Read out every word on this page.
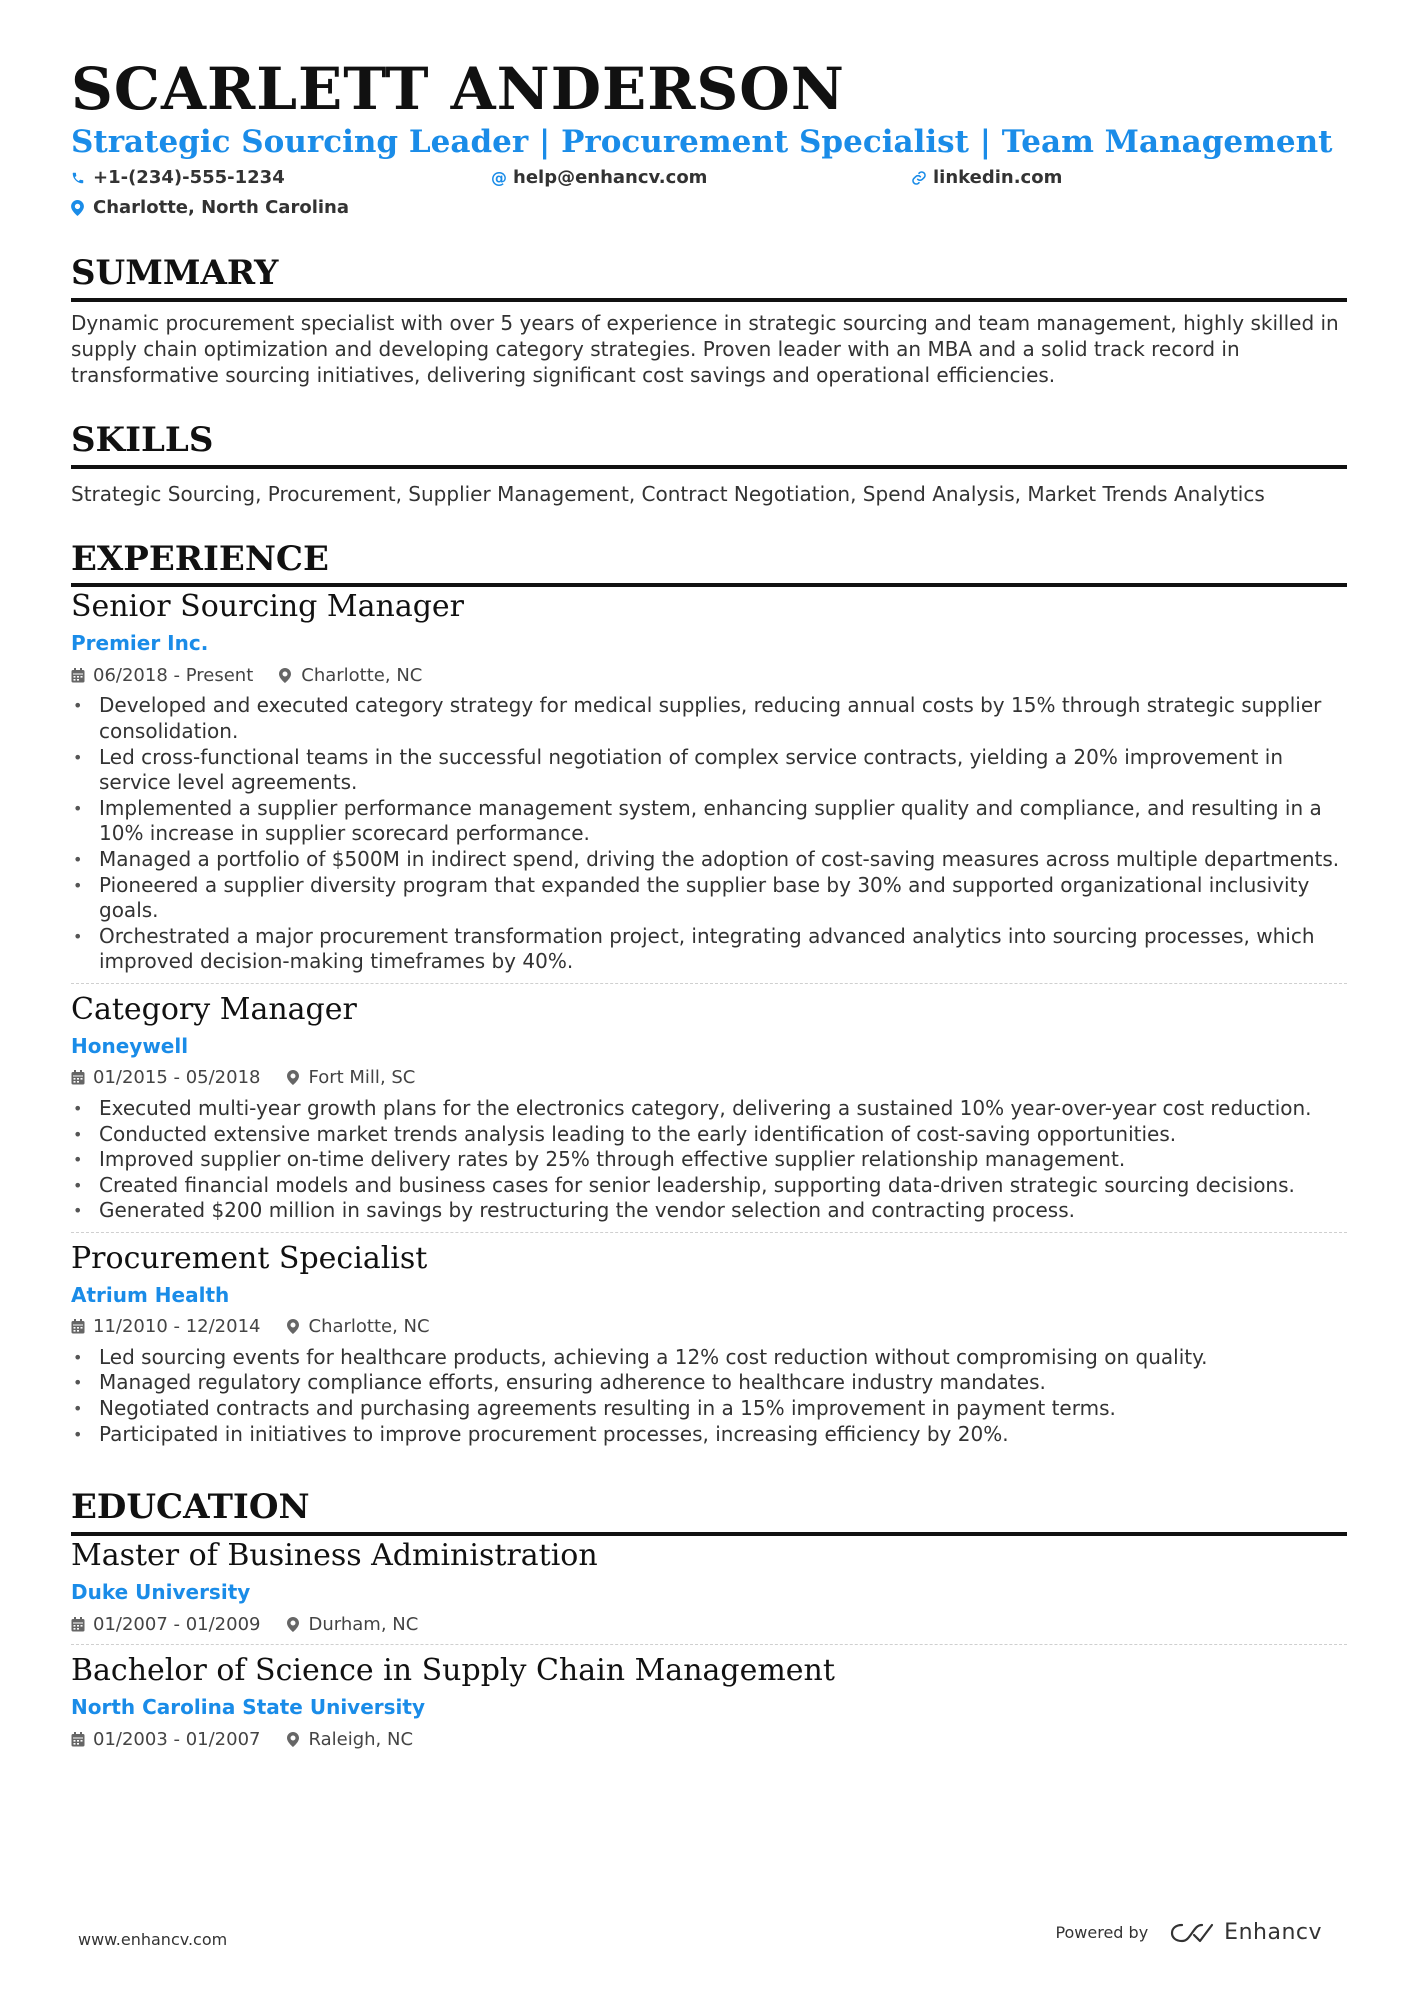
SCARLETT ANDERSON
Strategic Sourcing Leader | Procurement Specialist | Team Management
+1-(234)-555-1234	@ help@enhancv.com	linkedin.com
Charlotte, North Carolina
SUMMARY
Dynamic procurement specialist with over 5 years of experience in strategic sourcing and team management, highly skilled in supply chain optimization and developing category strategies. Proven leader with an MBA and a solid track record in transformative sourcing initiatives, delivering significant cost savings and operational efficiencies.
SKILLS
Strategic Sourcing, Procurement, Supplier Management, Contract Negotiation, Spend Analysis, Market Trends Analytics
EXPERIENCE
Senior Sourcing Manager
Premier Inc.
06/2018 - Present	Charlotte, NC
• Developed and executed category strategy for medical supplies, reducing annual costs by 15% through strategic supplier consolidation.
• Led cross-functional teams in the successful negotiation of complex service contracts, yielding a 20% improvement in service level agreements.
• Implemented a supplier performance management system, enhancing supplier quality and compliance, and resulting in a 10% increase in supplier scorecard performance.
• Managed a portfolio of $500M in indirect spend, driving the adoption of cost-saving measures across multiple departments.
• Pioneered a supplier diversity program that expanded the supplier base by 30% and supported organizational inclusivity goals.
• Orchestrated a major procurement transformation project, integrating advanced analytics into sourcing processes, which improved decision-making timeframes by 40%.
Category Manager
Honeywell
01/2015 - 05/2018	Fort Mill, SC
• Executed multi-year growth plans for the electronics category, delivering a sustained 10% year-over-year cost reduction.
• Conducted extensive market trends analysis leading to the early identification of cost-saving opportunities.
• Improved supplier on-time delivery rates by 25% through effective supplier relationship management.
• Created financial models and business cases for senior leadership, supporting data-driven strategic sourcing decisions.
• Generated $200 million in savings by restructuring the vendor selection and contracting process.
Procurement Specialist
Atrium Health
11/2010 - 12/2014	Charlotte, NC
• Led sourcing events for healthcare products, achieving a 12% cost reduction without compromising on quality.
• Managed regulatory compliance efforts, ensuring adherence to healthcare industry mandates.
• Negotiated contracts and purchasing agreements resulting in a 15% improvement in payment terms.
• Participated in initiatives to improve procurement processes, increasing efficiency by 20%.
EDUCATION
Master of Business Administration
Duke University
01/2007 - 01/2009	Durham, NC
Bachelor of Science in Supply Chain Management
North Carolina State University
01/2003 - 01/2007	Raleigh, NC
www.enhancv.com	Powered by	Enhancv
